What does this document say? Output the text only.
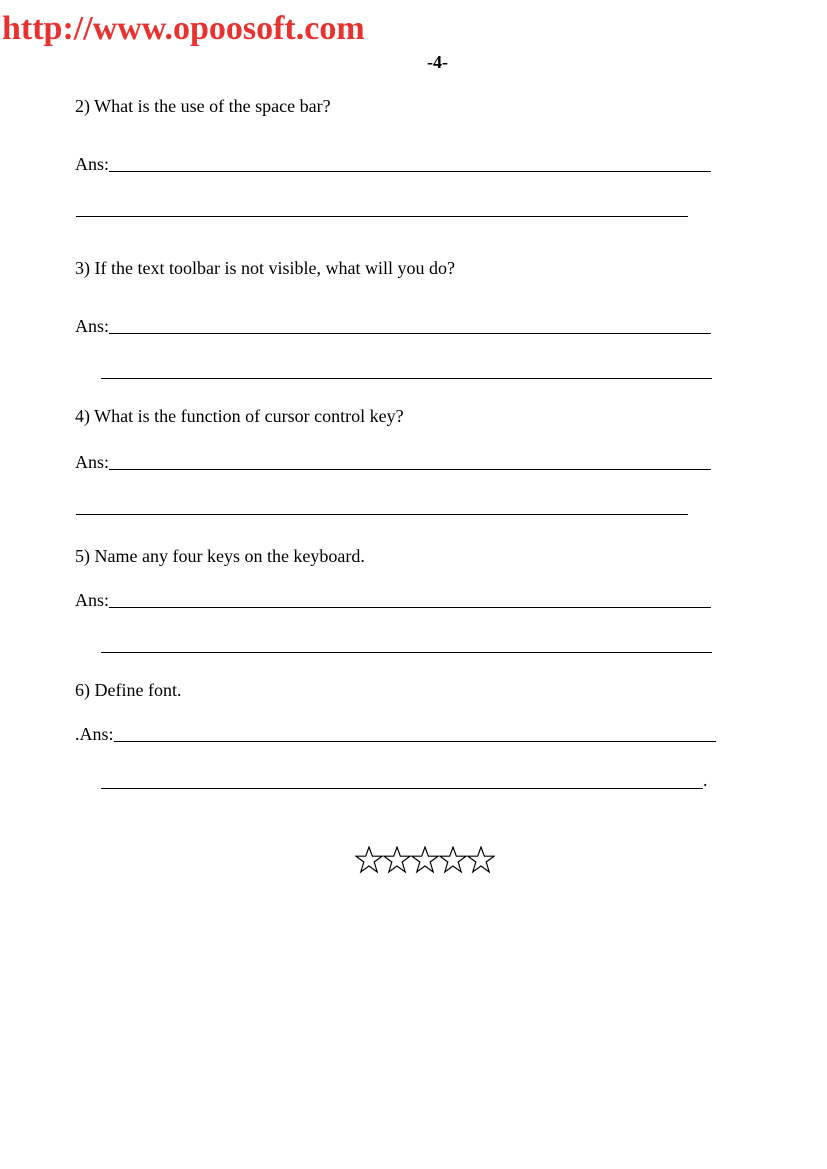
http://www.opoosoft.com
-4-
2) What is the use of the space bar?
Ans:
3) If the text toolbar is not visible, what will you do?
Ans:
4) What is the function of cursor control key?
Ans:
5) Name any four keys on the keyboard.
Ans:
6) Define font.
.Ans:
.
